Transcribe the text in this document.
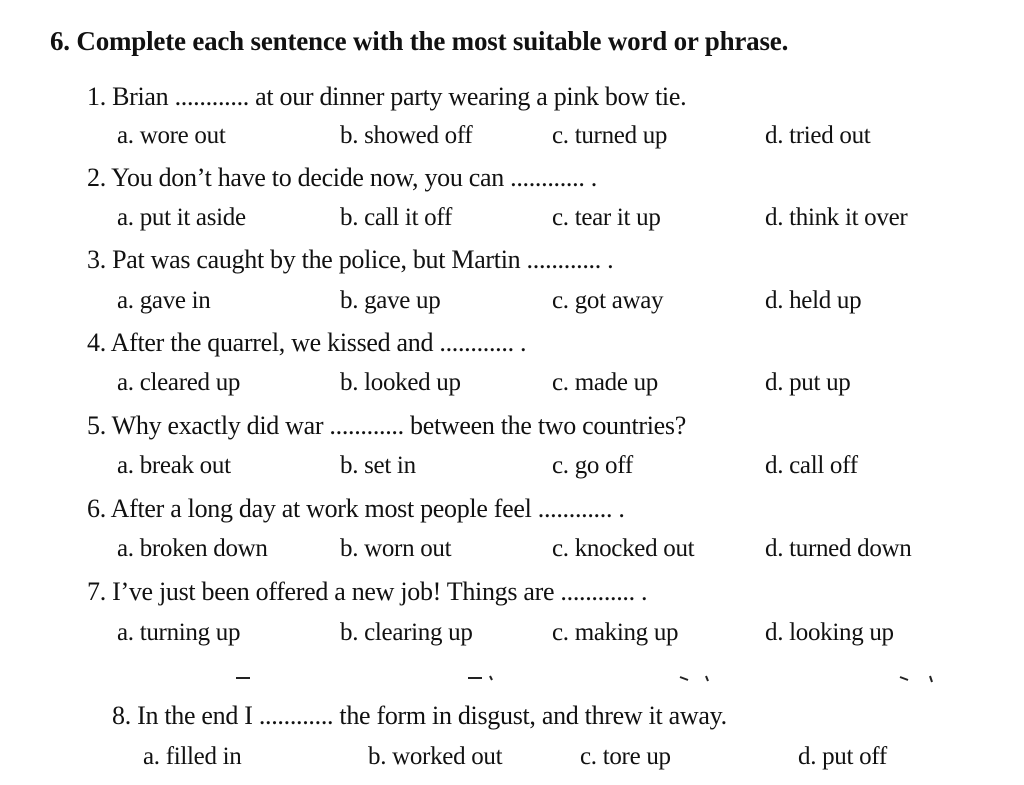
6. Complete each sentence with the most suitable word or phrase.
1. Brian ............ at our dinner party wearing a pink bow tie.
a. wore out	b. showed off	c. turned up	d. tried out
2. You don’t have to decide now, you can ............ .
a. put it aside	b. call it off	c. tear it up	d. think it over
3. Pat was caught by the police, but Martin ............ .
a. gave in	b. gave up	c. got away	d. held up
4. After the quarrel, we kissed and ............ .
a. cleared up	b. looked up	c. made up	d. put up
5. Why exactly did war ............ between the two countries?
a. break out	b. set in	c. go off	d. call off
6. After a long day at work most people feel ............ .
a. broken down	b. worn out	c. knocked out	d. turned down
7. I’ve just been offered a new job! Things are ............ .
a. turning up	b. clearing up	c. making up	d. looking up
8. In the end I ............ the form in disgust, and threw it away.
a. filled in	b. worked out	c. tore up	d. put off
